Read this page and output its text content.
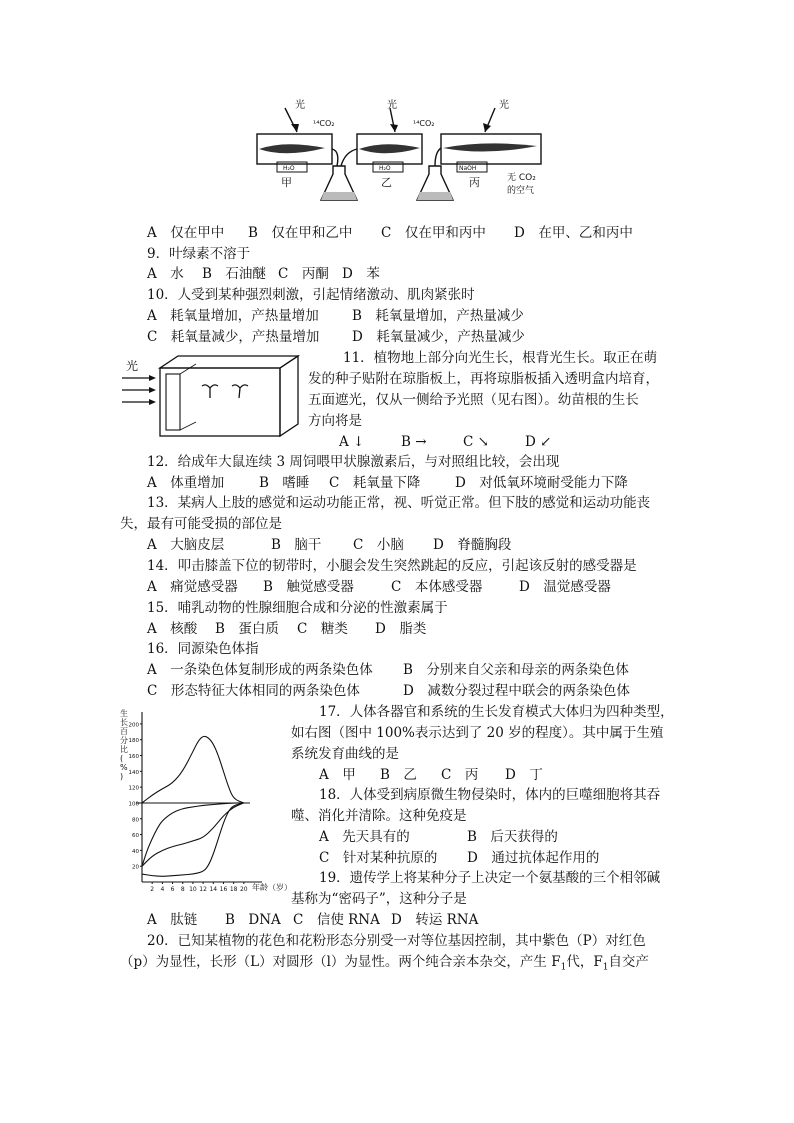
光	光	光
¹⁴CO₂	¹⁴CO₂
H₂O	H₂O	NaOH
甲	乙	丙	无 CO₂
的空气
A　仅在甲中 B　仅在甲和乙中 C　仅在甲和丙中 D　在甲、乙和丙中
9．叶绿素不溶于
A　水 B　石油醚 C　丙酮 D　苯
10．人受到某种强烈刺激，引起情绪激动、肌肉紧张时
A　耗氧量增加，产热量增加 B　耗氧量增加，产热量减少
C　耗氧量减少，产热量增加 D　耗氧量减少，产热量减少
光	11．植物地上部分向光生长，根背光生长。取正在萌
发的种子贴附在琼脂板上，再将琼脂板插入透明盒内培育，
五面遮光，仅从一侧给予光照（见右图）。幼苗根的生长
方向将是
A ↓	B →	C ↘	D ↙
12．给成年大鼠连续 3 周饲喂甲状腺激素后，与对照组比较，会出现
A　体重增加	B　嗜睡 C　耗氧量下降	D　对低氧环境耐受能力下降
13．某病人上肢的感觉和运动功能正常，视、听觉正常。但下肢的感觉和运动功能丧
失，最有可能受损的部位是
A　大脑皮层	B　脑干 C　小脑 D　脊髓胸段
14．叩击膝盖下位的韧带时，小腿会发生突然跳起的反应，引起该反射的感受器是
A　痛觉感受器 B　触觉感受器	C　本体感受器	D　温觉感受器
15．哺乳动物的性腺细胞合成和分泌的性激素属于
A　核酸 B　蛋白质 C　糖类 D　脂类
16．同源染色体指
A　一条染色体复制形成的两条染色体 B　分别来自父亲和母亲的两条染色体
C　形态特征大体相同的两条染色体	D　减数分裂过程中联会的两条染色体
20
40
60
80
100
120
140
160
180
200
2 4 6 8 10 12 14 16 18 20
生长百分比( % )
年龄（岁）
17．人体各器官和系统的生长发育模式大体归为四种类型，
如右图（图中 100%表示达到了 20 岁的程度）。其中属于生殖
系统发育曲线的是
A　甲 B　乙 C　丙 D　丁
18．人体受到病原微生物侵染时，体内的巨噬细胞将其吞
噬、消化并清除。这种免疫是
A　先天具有的	B　后天获得的
C　针对某种抗原的 D　通过抗体起作用的
19．遗传学上将某种分子上决定一个氨基酸的三个相邻碱
基称为“密码子”，这种分子是
A　肽链 B　DNA C　信使 RNA D　转运 RNA
20．已知某植物的花色和花粉形态分别受一对等位基因控制，其中紫色（P）对红色
（p）为显性，长形（L）对圆形（l）为显性。两个纯合亲本杂交，产生 $F_1$代，$F_1$自交产
